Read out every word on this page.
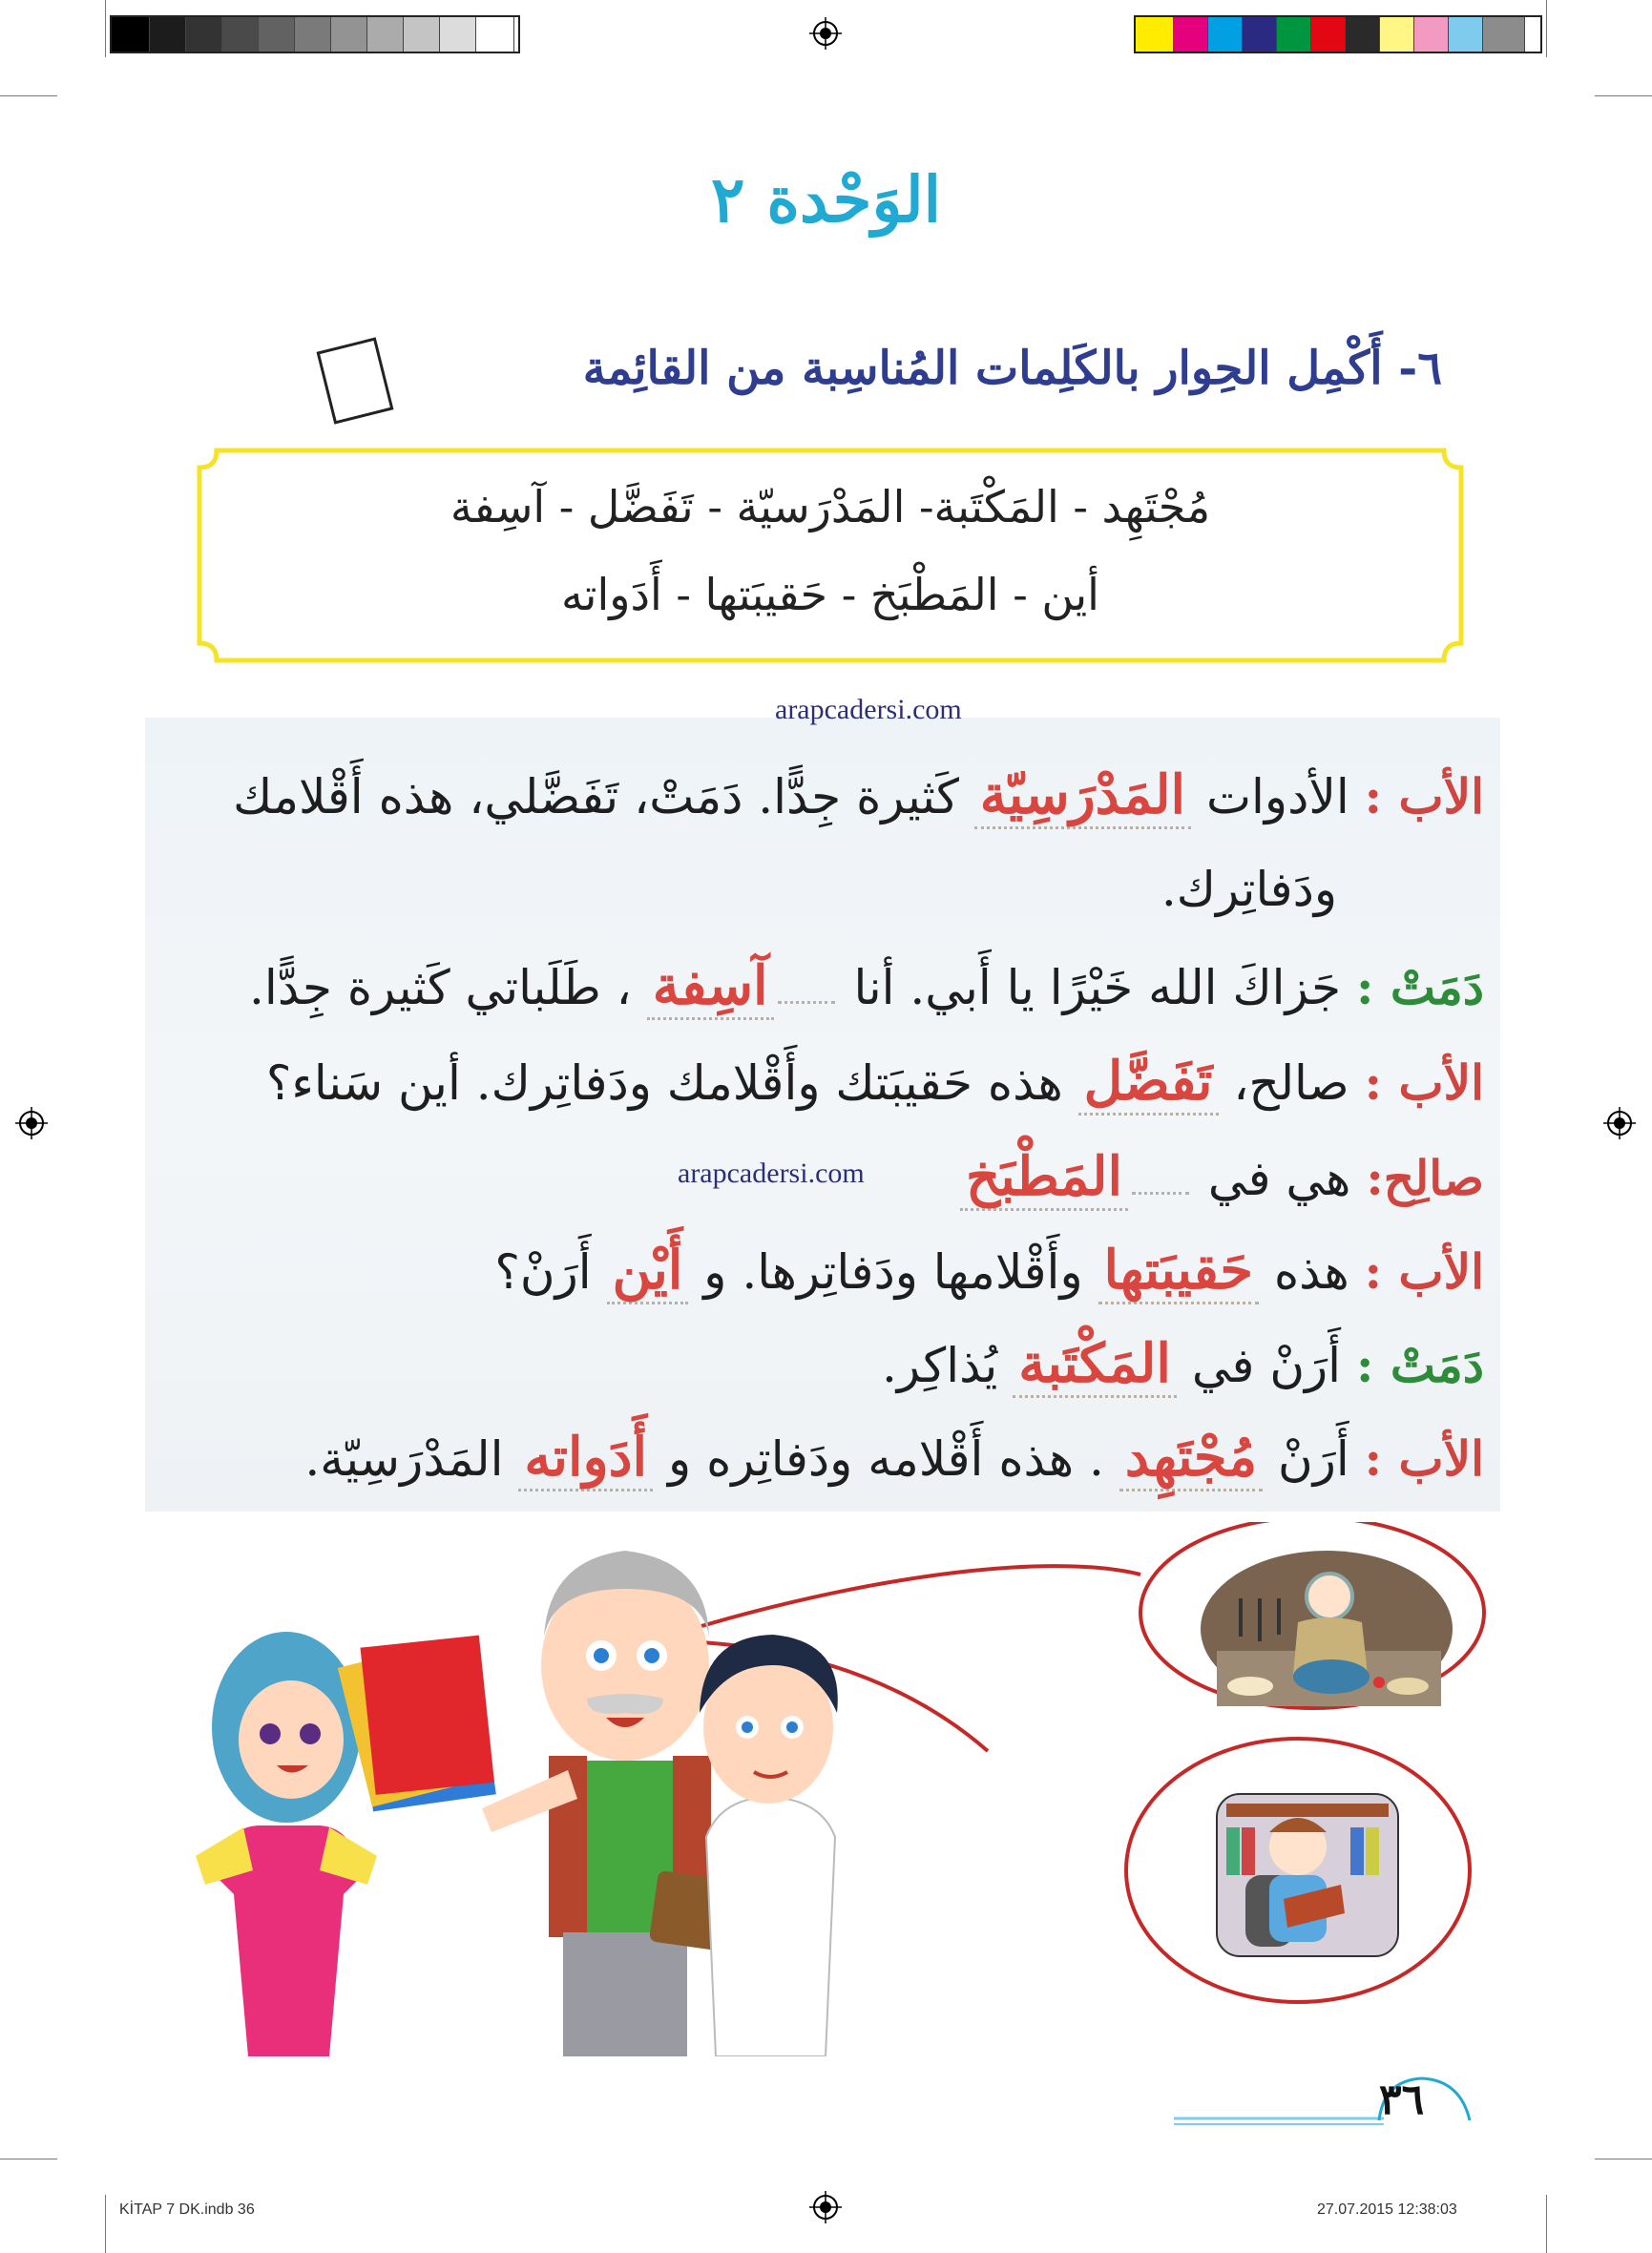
الوَحْدة ٢
٦- أَكْمِل الحِوار بالكَلِمات المُناسِبة من القائِمة
مُجْتَهِد - المَكْتَبة- المَدْرَسيّة - تَفَضَّل - آسِفة
أين - المَطْبَخ - حَقيبَتها - أَدَواته
arapcadersi.com
arapcadersi.com
الأب : الأدوات المَدْرَسِيّة كَثيرة جِدًّا. دَمَتْ، تَفَضَّلي، هذه أَقْلامك
ودَفاتِرك.
دَمَتْ : جَزاكَ الله خَيْرًا يا أَبي. أنا آسِفة ، طَلَباتي كَثيرة جِدًّا.
الأب : صالح، تَفَضَّل هذه حَقيبَتك وأَقْلامك ودَفاتِرك. أين سَناء؟
صالِح: هي في المَطْبَخ
الأب : هذه حَقيبَتها وأَقْلامها ودَفاتِرها. و أَيْن أَرَنْ؟
دَمَتْ : أَرَنْ في المَكْتَبة يُذاكِر.
الأب : أَرَنْ مُجْتَهِد . هذه أَقْلامه ودَفاتِره و أَدَواته المَدْرَسِيّة.
٣٦
KİTAP 7 DK.indb 36	27.07.2015 12:38:03
